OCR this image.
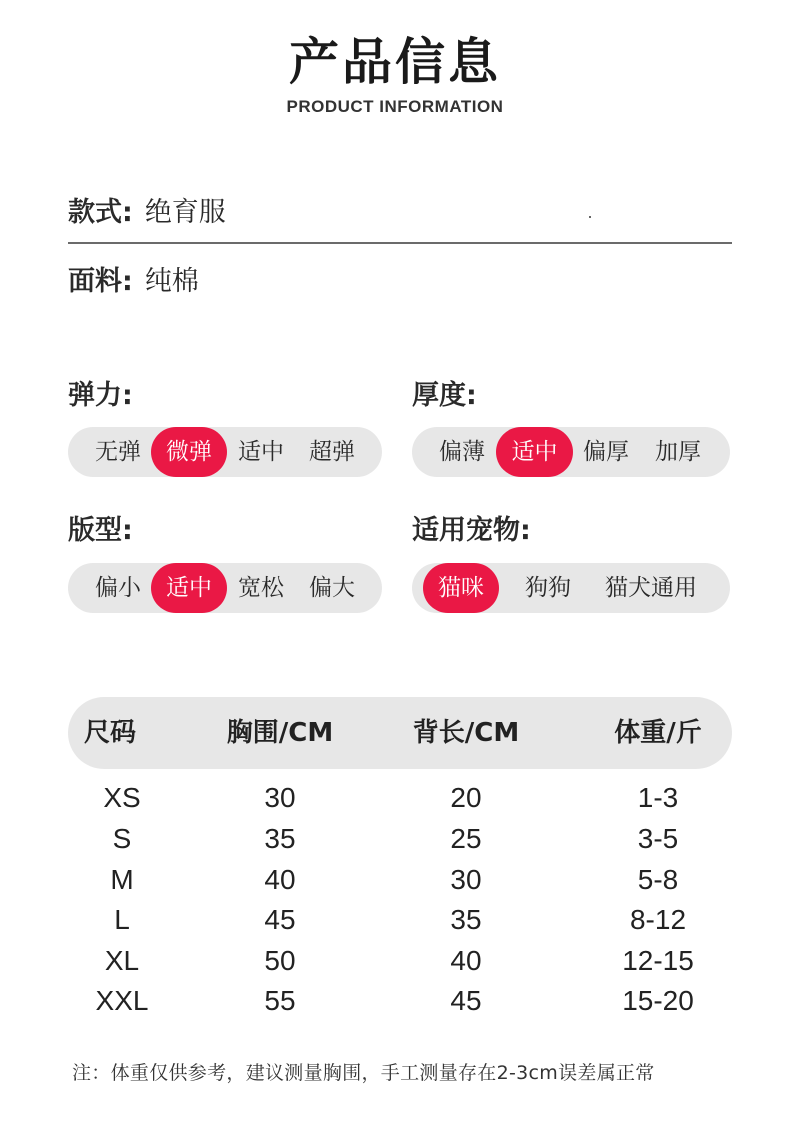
产品信息
PRODUCT INFORMATION
款式: 绝育服
面料: 纯棉
弹力:
无弹	微弹	适中	超弹
厚度:
偏薄	适中	偏厚	加厚
版型:
偏小	适中	宽松	偏大
适用宠物:
猫咪	狗狗	猫犬通用
尺码	胸围/CM	背长/CM	体重/斤
XS	30	20	1-3
S	35	25	3-5
M	40	30	5-8
L	45	35	8-12
XL	50	40	12-15
XXL	55	45	15-20
注：体重仅供参考，建议测量胸围，手工测量存在2-3cm误差属正常
